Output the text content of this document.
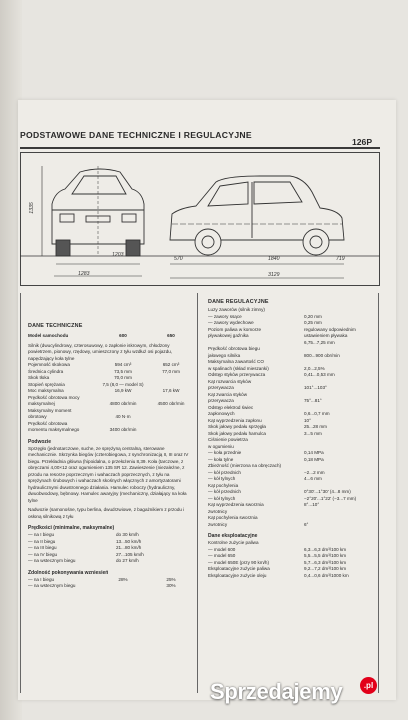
PODSTAWOWE DANE TECHNICZNE I REGULACYJNE
126P
1335
1203
1283
570	1840	719
3129
DANE TECHNICZNE
Model samochodu	600	650
Silnik (dwucylindrowy, czterosuwowy, o zapłonie iskrowym, chłodzony powietrzem, pionowy, rzędowy, umieszczony z tyłu wzdłuż osi pojazdu, napędzający koła tylne
Pojemność skokowa	594 cm³	652 cm³
Średnica cylindra	73,5 mm	77,0 mm
Skok tłoka	70,0 mm
Stopień sprężania	7,5 (8,0 — model S)
Moc maksymalna	16,9 kW	17,6 kW
Prędkość obrotowa mocy
maksymalnej	4800 obr/min	4500 obr/min
Maksymalny moment
obrotowy	40 N·m
Prędkość obrotowa
momentu maksymalnego	3400 obr/min
Podwozie
Sprzęgło (jednotarczowe, suche, ze sprężyną centralną, sterowane mechanicznie. Skrzynka biegów (czterobiegowa, z synchronizacją II, III oraz IV biegu. Przekładnia główna (hipoidalna, o przełożeniu 8,39. Koła (tarczowe, z obręczami 4,00×12 oraz ogumieniem 135 SR 12. Zawieszenie (niezależne, z przodu na resorze poprzecznym i wahaczach poprzecznych, z tyłu na sprężynach śrubowych i wahaczach skośnych włącznych z amortyzatorami hydraulicznymi dwustronnego działania. Hamulec roboczy (hydrauliczny, dwuobwodowy, bębnowy. Hamulec awaryjny (mechaniczny, działający na koła tylne
Nadwozie (samonośne, typu berlina, dwudrzwiowe, z bagażnikiem z przodu i osłoną silnikową z tyłu
Prędkości (minimalne, maksymalne)
— na I biegu	do 30 km/h
— na II biegu	13...50 km/h
— na III biegu	21...80 km/h
— na IV biegu	27...105 km/h
— na wstecznym biegu	do 27 km/h
Zdolność pokonywania wzniesień
— na I biegu	28%	25%
— na wstecznym biegu	30%
DANE REGULACYJNE
Luzy zaworów (silnik zimny)
— zawory ssące	0,20 mm
— zawory wydechowe	0,25 mm
Poziom paliwa w komorze	regulowany odpowiednim
pływakowej gaźnika	ustawieniem pływaka
6,75...7,25 mm
Prędkość obrotowa biegu
jałowego silnika	800...900 obr/min
Maksymalna zawartość CO
w spalinach (skład mieszanki)	2,0...2,5%
Odstęp styków przerywacza	0,41...0,53 mm
Kąt rozwarcia styków
przerywacza	101°...103°
Kąt zwarcia styków
przerywacza	75°...81°
Odstęp elektrod świec
zapłonowych	0,6...0,7 mm
Kąt wyprzedzenia zapłonu	10°
Skok jałowy pedału sprzęgła	25...28 mm
Skok jałowy pedału hamulca	3...5 mm
Ciśnienie powietrza
w ogumieniu
— koła przednie	0,14 MPa
— koła tylne	0,18 MPa
Zbieżność (mierzona na obręczach)
— kół przednich	−2...2 mm
— kół tylnych	4...6 mm
Kąt pochylenia
— kół przednich	0°30'...1°30' (4...8 mm)
— kół tylnych	−2°20'...1°22' (−3...7 mm)
Kąt wyprzedzenia sworznia	8°...10°
zwrotnicy
Kąt pochylenia sworznia
zwrotnicy	6°
Dane eksploatacyjne
Kontrolne zużycie paliwa
— model 600	6,3...6,3 dm³/100 km
— model 650	5,5...5,5 dm³/100 km
— model 650E (przy 90 km/h)	5,7...6,3 dm³/100 km
Eksploatacyjne zużycie paliwa	9,2...7,2 dm³/100 km
Eksploatacyjne zużycie oleju	0,4...0,6 dm³/1000 km
Sprzedajemy	.pl
